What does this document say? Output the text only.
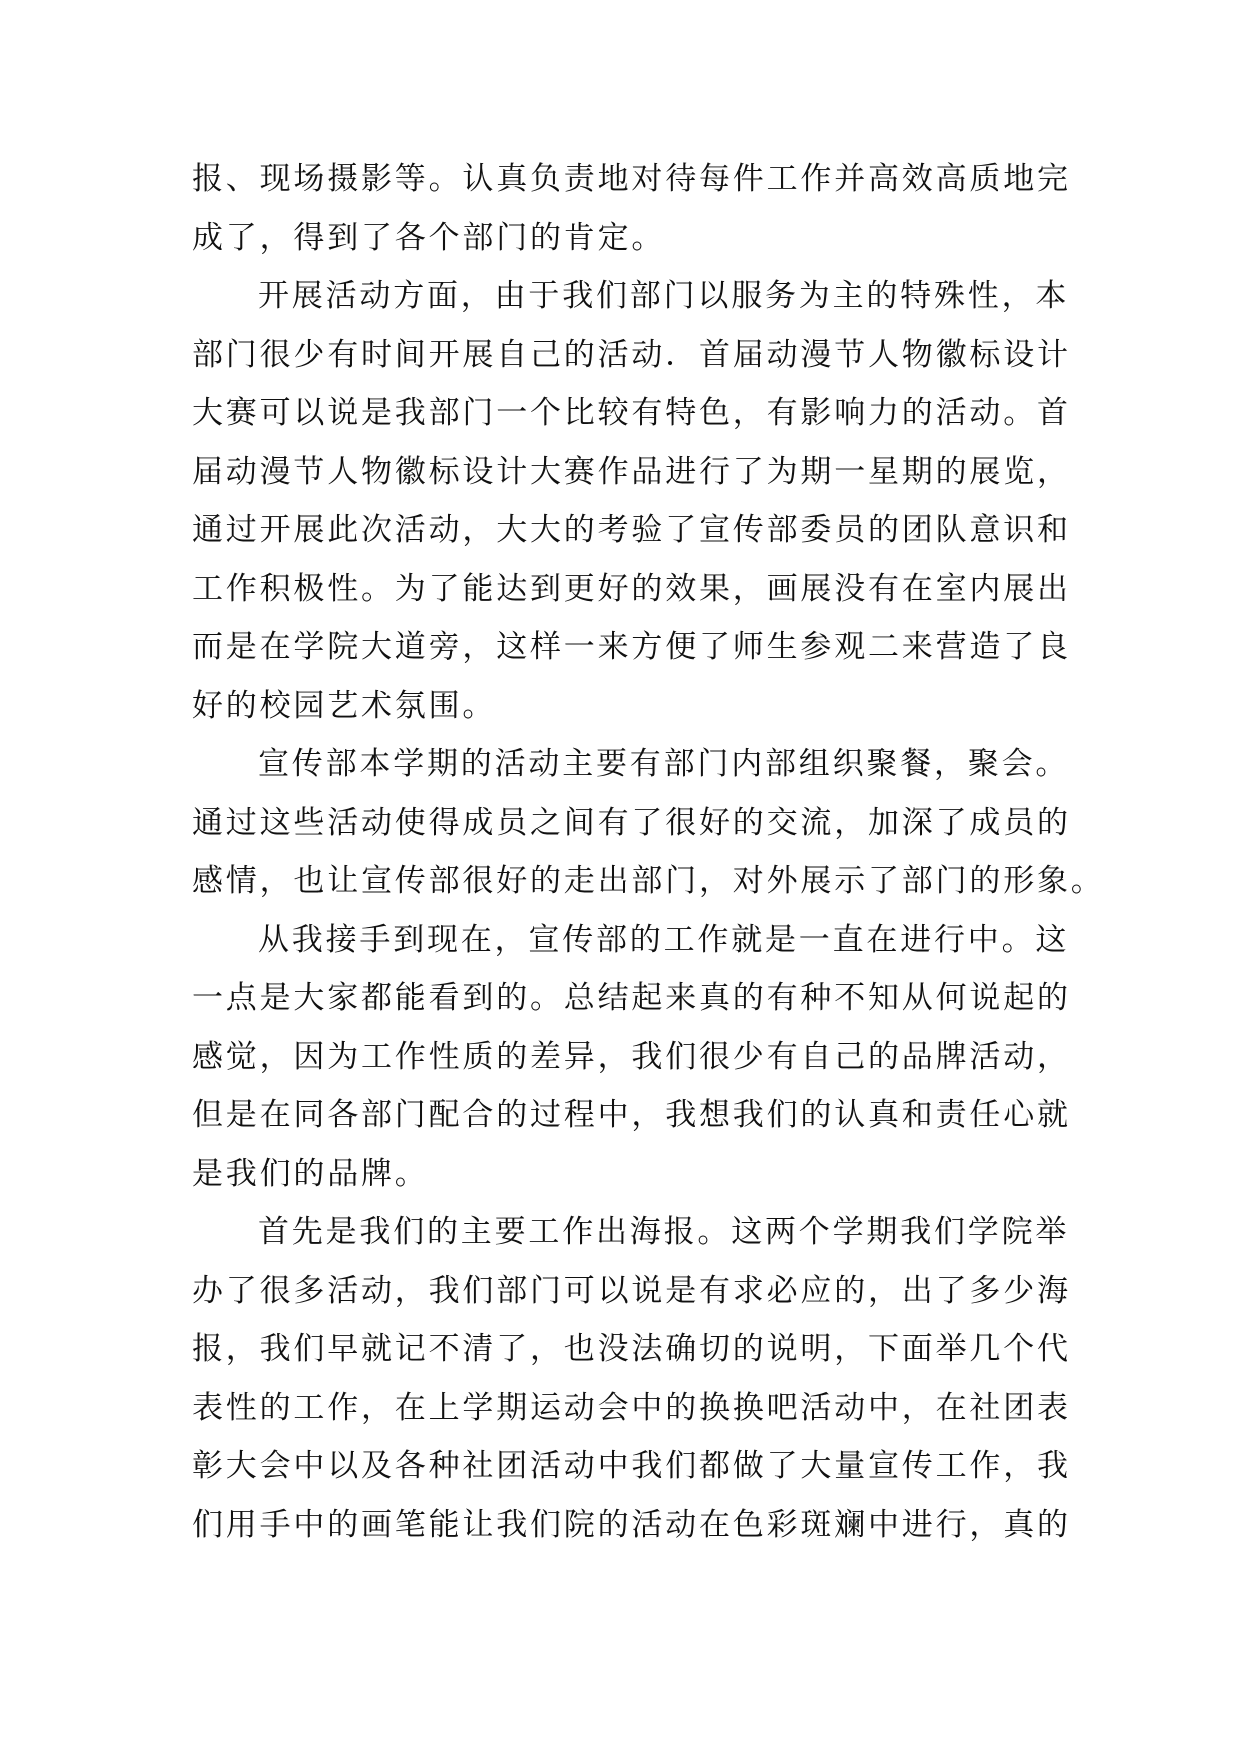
报、现场摄影等。认真负责地对待每件工作并高效高质地完
成了，得到了各个部门的肯定。
开展活动方面，由于我们部门以服务为主的特殊性，本
部门很少有时间开展自己的活动．首届动漫节人物徽标设计
大赛可以说是我部门一个比较有特色，有影响力的活动。首
届动漫节人物徽标设计大赛作品进行了为期一星期的展览，
通过开展此次活动，大大的考验了宣传部委员的团队意识和
工作积极性。为了能达到更好的效果，画展没有在室内展出
而是在学院大道旁，这样一来方便了师生参观二来营造了良
好的校园艺术氛围。
宣传部本学期的活动主要有部门内部组织聚餐，聚会。
通过这些活动使得成员之间有了很好的交流，加深了成员的
感情，也让宣传部很好的走出部门，对外展示了部门的形象。
从我接手到现在，宣传部的工作就是一直在进行中。这
一点是大家都能看到的。总结起来真的有种不知从何说起的
感觉，因为工作性质的差异，我们很少有自己的品牌活动，
但是在同各部门配合的过程中，我想我们的认真和责任心就
是我们的品牌。
首先是我们的主要工作出海报。这两个学期我们学院举
办了很多活动，我们部门可以说是有求必应的，出了多少海
报，我们早就记不清了，也没法确切的说明，下面举几个代
表性的工作，在上学期运动会中的换换吧活动中，在社团表
彰大会中以及各种社团活动中我们都做了大量宣传工作，我
们用手中的画笔能让我们院的活动在色彩斑斓中进行，真的
